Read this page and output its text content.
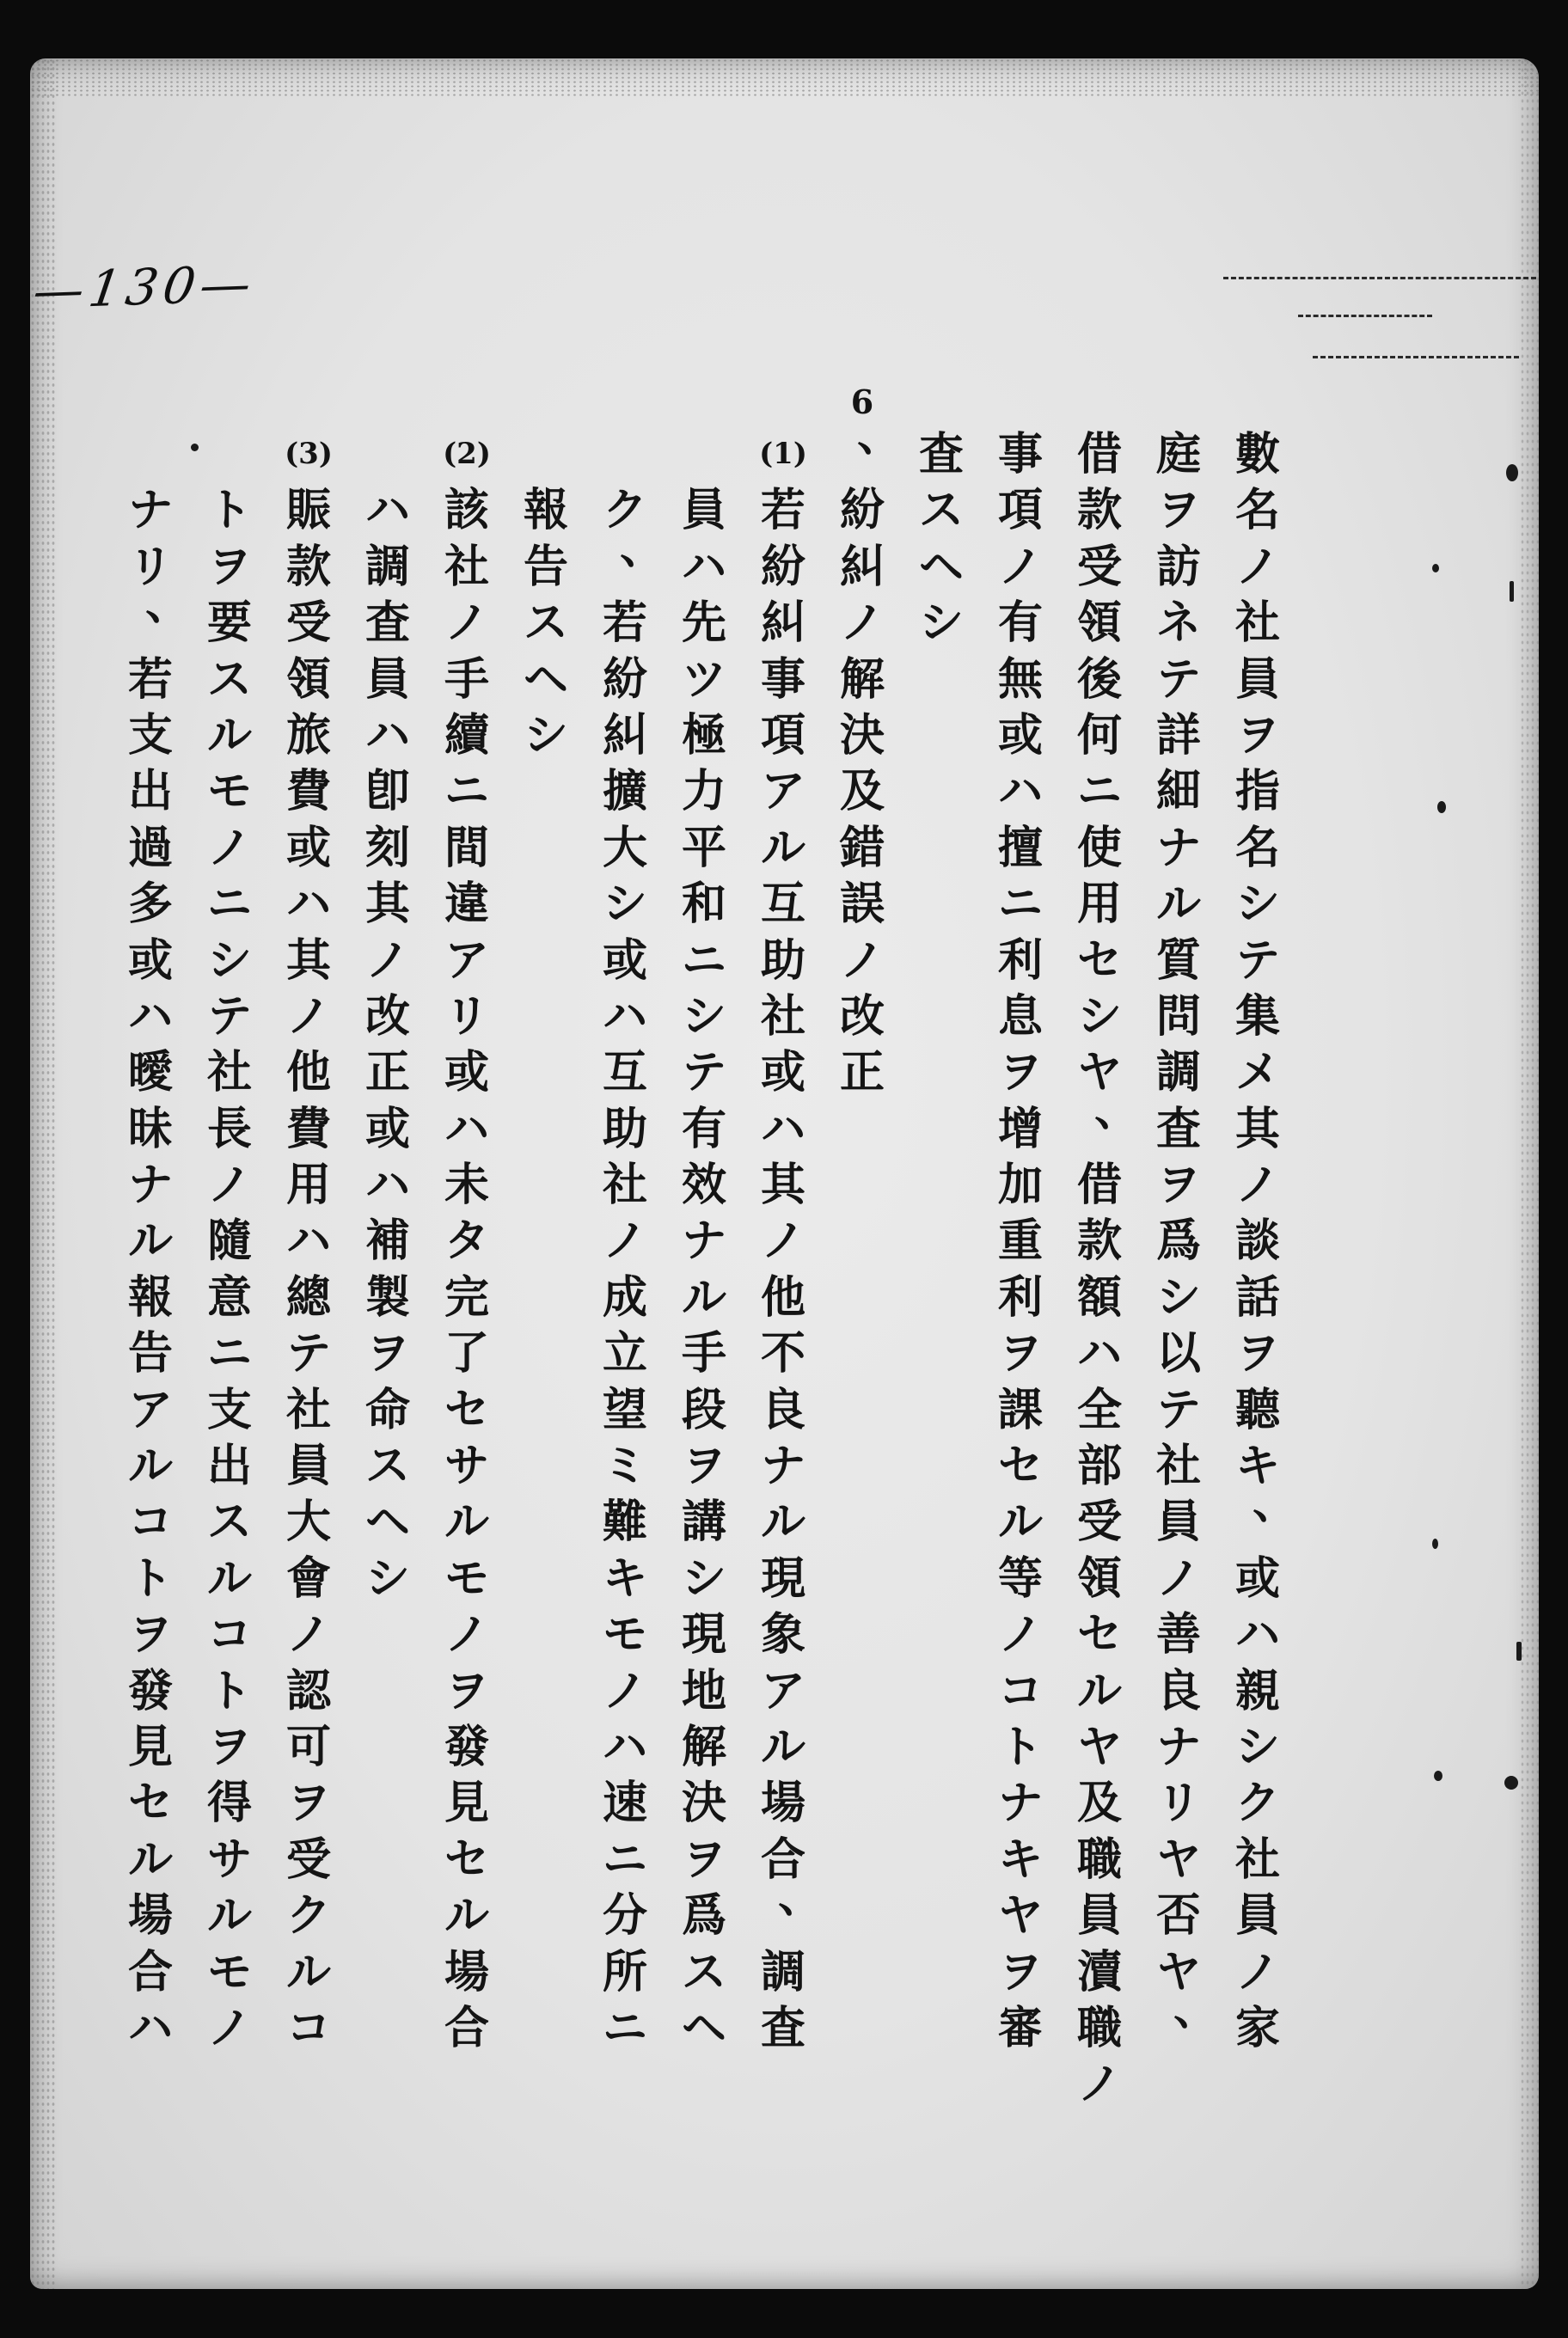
—130—
數
名
ノ
社
員
ヲ
指
名
シ
テ
集
メ
其
ノ
談
話
ヲ
聽
キ
、
或
ハ
親
シ
ク
社
員
ノ
家
庭
ヲ
訪
ネ
テ
詳
細
ナ
ル
質
問
調
査
ヲ
爲
シ
以
テ
社
員
ノ
善
良
ナ
リ
ヤ
否
ヤ
、
借
款
受
領
後
何
ニ
使
用
セ
シ
ヤ
、
借
款
額
ハ
全
部
受
領
セ
ル
ヤ
及
職
員
瀆
職
ノ
事
項
ノ
有
無
或
ハ
擅
ニ
利
息
ヲ
增
加
重
利
ヲ
課
セ
ル
等
ノ
コ
ト
ナ
キ
ヤ
ヲ
審
査
ス
ヘ
シ
6
、
紛
糾
ノ
解
決
及
錯
誤
ノ
改
正
(1)
若
紛
糾
事
項
ア
ル
互
助
社
或
ハ
其
ノ
他
不
良
ナ
ル
現
象
ア
ル
場
合
、
調
査
員
ハ
先
ツ
極
力
平
和
ニ
シ
テ
有
效
ナ
ル
手
段
ヲ
講
シ
現
地
解
決
ヲ
爲
ス
ヘ
ク
、
若
紛
糾
擴
大
シ
或
ハ
互
助
社
ノ
成
立
望
ミ
難
キ
モ
ノ
ハ
速
ニ
分
所
ニ
報
告
ス
ヘ
シ
(2)
該
社
ノ
手
續
ニ
間
違
ア
リ
或
ハ
未
タ
完
了
セ
サ
ル
モ
ノ
ヲ
發
見
セ
ル
場
合
ハ
調
査
員
ハ
卽
刻
其
ノ
改
正
或
ハ
補
製
ヲ
命
ス
ヘ
シ
(3)
賑
款
受
領
旅
費
或
ハ
其
ノ
他
費
用
ハ
總
テ
社
員
大
會
ノ
認
可
ヲ
受
ク
ル
コ
ト
ヲ
要
ス
ル
モ
ノ
ニ
シ
テ
社
長
ノ
隨
意
ニ
支
出
ス
ル
コ
ト
ヲ
得
サ
ル
モ
ノ
ナ
リ
、
若
支
出
過
多
或
ハ
曖
昧
ナ
ル
報
告
ア
ル
コ
ト
ヲ
發
見
セ
ル
場
合
ハ
